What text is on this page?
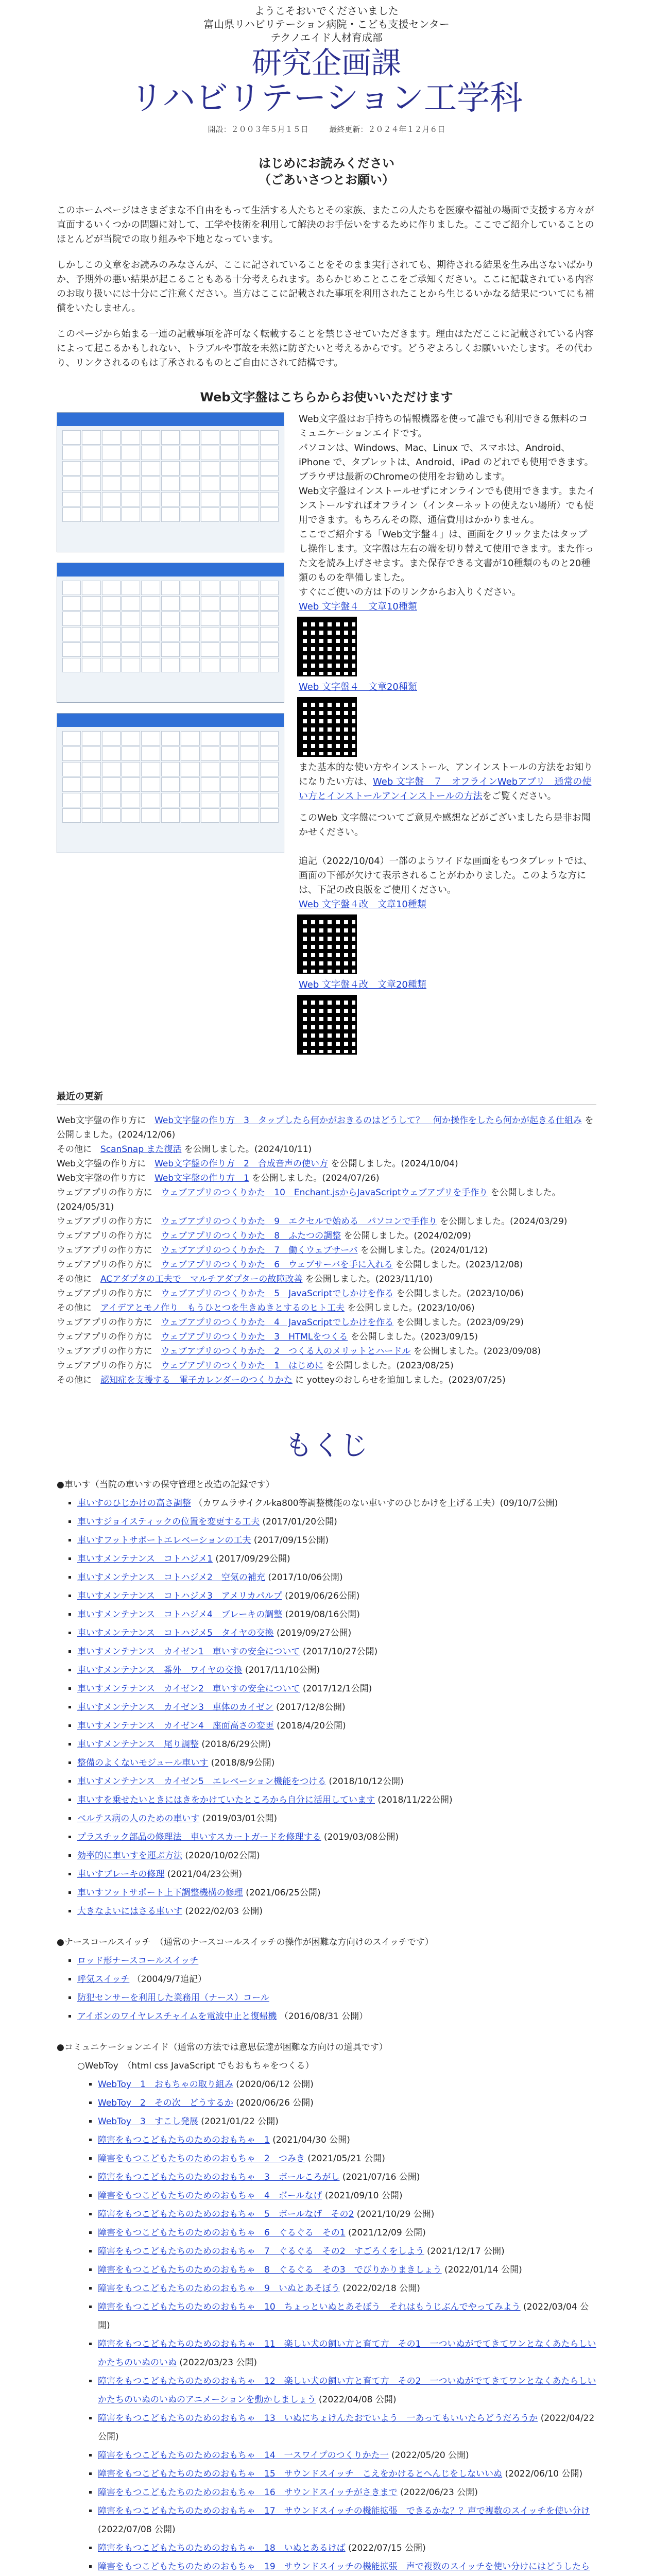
ようこそおいでくださいました
富山県リハビリテーション病院・こども支援センター
テクノエイド人材育成部
研究企画課
リハビリテーション工学科
開設：２００３年５月１５日	最終更新：２０２４年１２月６日
はじめにお読みください
（ごあいさつとお願い）
このホームページはさまざまな不自由をもって生活する人たちとその家族、またこの人たちを医療や福祉の場面で支援する方々が直面するいくつかの問題に対して、工学や技術を利用して解決のお手伝いをするために作りました。ここでご紹介していることのほとんどが当院での取り組みや下地となっています。
しかしこの文章をお読みのみなさんが、ここに記されていることをそのまま実行されても、期待される結果を生み出さないばかりか、予期外の悪い結果が起こることもある十分考えられます。あらかじめことここをご承知ください。ここに記載されている内容のお取り扱いには十分にご注意ください。当方はここに記載された事項を利用されたことから生じるいかなる結果についてにも補償をいたしません。
このページから始まる一連の記載事項を許可なく転載することを禁じさせていただきます。理由はただここに記載されている内容によって起こるかもしれない、トラブルや事故を未然に防ぎたいと考えるからです。どうぞよろしくお願いいたします。その代わり、リンクされるのもは了承されるものとご自由にされて結構です。
Web文字盤はこちらからお使いいただけます
Web文字盤はお手持ちの情報機器を使って誰でも利用できる無料のコミュニケーションエイドです。
パソコンは、Windows、Mac、Linux で、スマホは、Android、iPhone で、タブレットは、Android、iPad のどれでも使用できます。ブラウザは最新のChromeの使用をお勧めします。
Web文字盤はインストールせずにオンラインでも使用できます。またインストールすればオフライン（インターネットの使えない場所）でも使用できます。もちろんその際、通信費用はかかりません。
ここでご紹介する「Web文字盤４」は、画面をクリックまたはタップし操作します。文字盤は左右の端を切り替えて使用できます。また作った文を読み上げさせます。また保存できる文書が10種類のものと20種類のものを準備しました。
すぐにご使いの方は下のリンクからお入りください。
Web 文字盤４　文章10種類
Web 文字盤４　文章20種類
また基本的な使い方やインストール、アンインストールの方法をお知りになりたい方は、Web 文字盤　７　オフラインWebアプリ　通常の使い方とインストールアンインストールの方法をご覧ください。
このWeb 文字盤についてご意見や感想などがございましたら是非お聞かせください。
追記（2022/10/04）一部のようワイドな画面をもつタブレットでは、画面の下部が欠けて表示されることがわかりました。このような方には、下記の改良版をご使用ください。
Web 文字盤４改　文章10種類
Web 文字盤４改　文章20種類
最近の更新
Web文字盤の作り方に　Web文字盤の作り方　3　タップしたら何かがおきるのはどうして？　何か操作をしたら何かが起きる仕組み を公開しました。(2024/12/06)
その他に　ScanSnap また復活 を公開しました。(2024/10/11)
Web文字盤の作り方に　Web文字盤の作り方　2　合成音声の使い方 を公開しました。(2024/10/04)
Web文字盤の作り方に　Web文字盤の作り方　1 を公開しました。(2024/07/26)
ウェブアプリの作り方に　ウェブアプリのつくりかた　10　Enchant.jsからJavaScriptウェブアプリを手作り を公開しました。(2024/05/31)
ウェブアプリの作り方に　ウェブアプリのつくりかた　9　エクセルで始める　パソコンで手作り を公開しました。(2024/03/29)
ウェブアプリの作り方に　ウェブアプリのつくりかた　8　ふたつの調整 を公開しました。(2024/02/09)
ウェブアプリの作り方に　ウェブアプリのつくりかた　7　働くウェブサーバ を公開しました。(2024/01/12)
ウェブアプリの作り方に　ウェブアプリのつくりかた　6　ウェブサーバを手に入れる を公開しました。(2023/12/08)
その他に　ACアダプタの工夫で　マルチアダプターの故障改善 を公開しました。(2023/11/10)
ウェブアプリの作り方に　ウェブアプリのつくりかた　5　JavaScriptでしかけを作る を公開しました。(2023/10/06)
その他に　アイデアとモノ作り　もうひとつを生きぬきとするのヒト工夫 を公開しました。(2023/10/06)
ウェブアプリの作り方に　ウェブアプリのつくりかた　4　JavaScriptでしかけを作る を公開しました。(2023/09/29)
ウェブアプリの作り方に　ウェブアプリのつくりかた　3　HTMLをつくる を公開しました。(2023/09/15)
ウェブアプリの作り方に　ウェブアプリのつくりかた　2　つくる人のメリットとハードル を公開しました。(2023/09/08)
ウェブアプリの作り方に　ウェブアプリのつくりかた　1　はじめに を公開しました。(2023/08/25)
その他に　認知症を支援する　電子カレンダーのつくりかた に yotteyのおしらせを追加しました。(2023/07/25)
もくじ
●車いす（当院の車いすの保守管理と改造の記録です）
▪ 車いすのひじかけの高さ調整 （カワムラサイクルka800等調整機能のない車いすのひじかけを上げる工夫）(09/10/7公開)
▪ 車いすジョイスティックの位置を変更する工夫 (2017/01/20公開)
▪ 車いすフットサポートエレベーションの工夫 (2017/09/15公開)
▪ 車いすメンテナンス　コトハジメ1 (2017/09/29公開)
▪ 車いすメンテナンス　コトハジメ2　空気の補充 (2017/10/06公開)
▪ 車いすメンテナンス　コトハジメ3　アメリカパルプ (2019/06/26公開)
▪ 車いすメンテナンス　コトハジメ4　ブレーキの調整 (2019/08/16公開)
▪ 車いすメンテナンス　コトハジメ5　タイヤの交換 (2019/09/27公開)
▪ 車いすメンテナンス　カイゼン1　車いすの安全について (2017/10/27公開)
▪ 車いすメンテナンス　番外　ワイヤの交換 (2017/11/10公開)
▪ 車いすメンテナンス　カイゼン2　車いすの安全について (2017/12/1公開)
▪ 車いすメンテナンス　カイゼン3　車体のカイゼン (2017/12/8公開)
▪ 車いすメンテナンス　カイゼン4　座面高さの変更 (2018/4/20公開)
▪ 車いすメンテナンス　尾り調整 (2018/6/29公開)
▪ 整備のよくないモジュール車いす (2018/8/9公開)
▪ 車いすメンテナンス　カイゼン5　エレベーション機能をつける (2018/10/12公開)
▪ 車いすを乗せたいときにはきをかけていたところから自分に活用しています (2018/11/22公開)
▪ ベルテス病の人のための車いす (2019/03/01公開)
▪ プラスチック部品の修理法　車いすスカートガードを修理する (2019/03/08公開)
▪ 効率的に車いすを運ぶ方法 (2020/10/02公開)
▪ 車いすブレーキの修理 (2021/04/23公開)
▪ 車いすフットサポート上下調整機構の修理 (2021/06/25公開)
▪ 大きなよいにはさる車いす (2022/02/03 公開)
●ナースコールスイッチ　（通常のナースコールスイッチの操作が困難な方向けのスイッチです）
▪ ロッド形ナースコールスイッチ
▪ 呼気スイッチ （2004/9/7追記）
▪ 防犯センサーを利用した業務用（ナース）コール
▪ アイボンのワイヤレスチャイムを電波中止と復帰機 （2016/08/31 公開）
●コミュニケーションエイド（通常の方法では意思伝達が困難な方向けの道具です）
○WebToy　（html css JavaScript でもおもちゃをつくる）
▪ WebToy　1　おもちゃの取り組み (2020/06/12 公開)
▪ WebToy　2　その次　どうするか (2020/06/26 公開)
▪ WebToy　3　すこし発展 (2021/01/22 公開)
▪ 障害をもつこどもたちのためのおもちゃ　1 (2021/04/30 公開)
▪ 障害をもつこどもたちのためのおもちゃ　2　つみき (2021/05/21 公開)
▪ 障害をもつこどもたちのためのおもちゃ　3　ボールころがし (2021/07/16 公開)
▪ 障害をもつこどもたちのためのおもちゃ　4　ボールなげ (2021/09/10 公開)
▪ 障害をもつこどもたちのためのおもちゃ　5　ボールなげ　その2 (2021/10/29 公開)
▪ 障害をもつこどもたちのためのおもちゃ　6　ぐるぐる　その1 (2021/12/09 公開)
▪ 障害をもつこどもたちのためのおもちゃ　7　ぐるぐる　その2　すごろくをしよう (2021/12/17 公開)
▪ 障害をもつこどもたちのためのおもちゃ　8　ぐるぐる　その3　でびりかりまきしょう (2022/01/14 公開)
▪ 障害をもつこどもたちのためのおもちゃ　9　いぬとあそぼう (2022/02/18 公開)
▪ 障害をもつこどもたちのためのおもちゃ　10　ちょっといぬとあそぼう　それはもうじぶんでやってみよう (2022/03/04 公開)
▪ 障害をもつこどもたちのためのおもちゃ　11　楽しい犬の飼い方と育て方　その1　一ついぬがでてきてワンとなくあたらしいかたちのいぬのいぬ (2022/03/23 公開)
▪ 障害をもつこどもたちのためのおもちゃ　12　楽しい犬の飼い方と育て方　その2　一ついぬがでてきてワンとなくあたらしいかたちのいぬのいぬのアニメーションを動かしましょう (2022/04/08 公開)
▪ 障害をもつこどもたちのためのおもちゃ　13　いぬにちょけんたおでいよう　一あってもいいたらどうだろうか (2022/04/22 公開)
▪ 障害をもつこどもたちのためのおもちゃ　14　一スワイプのつくりかた一 (2022/05/20 公開)
▪ 障害をもつこどもたちのためのおもちゃ　15　サウンドスイッチ　こえをかけるとへんじをしないいぬ (2022/06/10 公開)
▪ 障害をもつこどもたちのためのおもちゃ　16　サウンドスイッチがさきまで (2022/06/23 公開)
▪ 障害をもつこどもたちのためのおもちゃ　17　サウンドスイッチの機能拡張　できるかな？？声で複数のスイッチを使い分け (2022/07/08 公開)
▪ 障害をもつこどもたちのためのおもちゃ　18　いぬとあるけば (2022/07/15 公開)
▪ 障害をもつこどもたちのためのおもちゃ　19　サウンドスイッチの機能拡張　声で複数のスイッチを使い分けにはどうしたら
